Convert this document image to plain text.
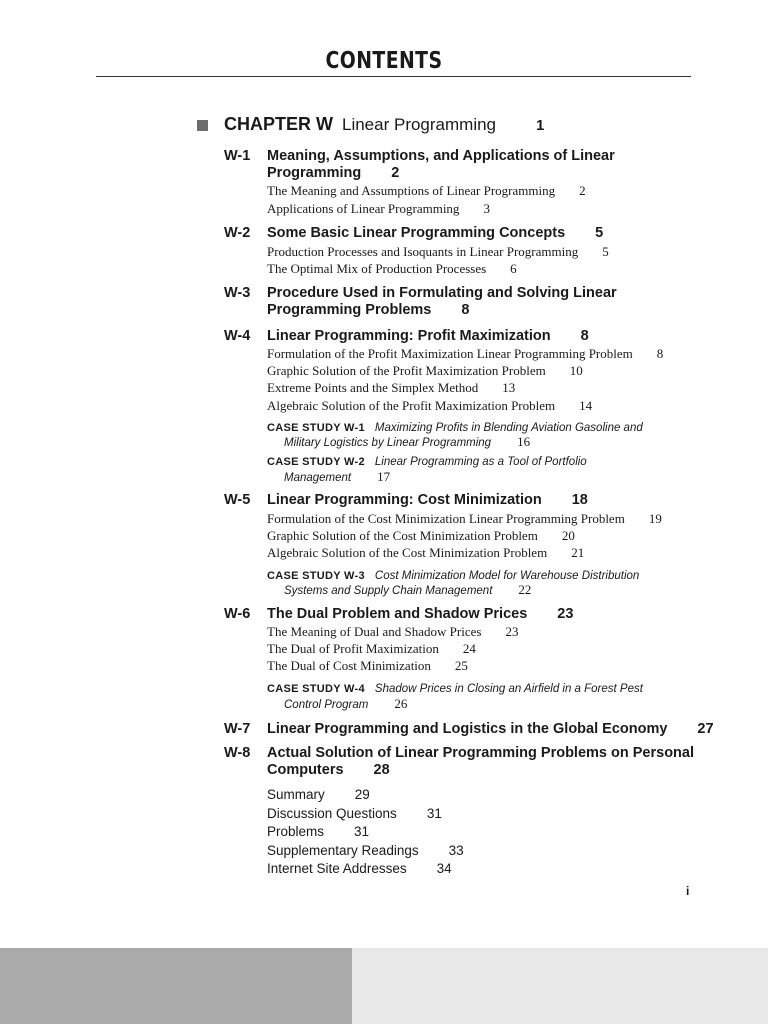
CONTENTS
CHAPTER W Linear Programming	1
W-1 Meaning, Assumptions, and Applications of Linear
Programming 2
The Meaning and Assumptions of Linear Programming 2
Applications of Linear Programming 3
W-2 Some Basic Linear Programming Concepts 5
Production Processes and Isoquants in Linear Programming 5
The Optimal Mix of Production Processes 6
W-3 Procedure Used in Formulating and Solving Linear
Programming Problems 8
W-4 Linear Programming: Profit Maximization 8
Formulation of the Profit Maximization Linear Programming Problem 8
Graphic Solution of the Profit Maximization Problem 10
Extreme Points and the Simplex Method 13
Algebraic Solution of the Profit Maximization Problem 14
CASE STUDY W-1 Maximizing Profits in Blending Aviation Gasoline and
Military Logistics by Linear Programming 16
CASE STUDY W-2 Linear Programming as a Tool of Portfolio
Management 17
W-5 Linear Programming: Cost Minimization 18
Formulation of the Cost Minimization Linear Programming Problem 19
Graphic Solution of the Cost Minimization Problem 20
Algebraic Solution of the Cost Minimization Problem 21
CASE STUDY W-3 Cost Minimization Model for Warehouse Distribution
Systems and Supply Chain Management 22
W-6 The Dual Problem and Shadow Prices 23
The Meaning of Dual and Shadow Prices 23
The Dual of Profit Maximization 24
The Dual of Cost Minimization 25
CASE STUDY W-4 Shadow Prices in Closing an Airfield in a Forest Pest
Control Program 26
W-7 Linear Programming and Logistics in the Global Economy 27
W-8 Actual Solution of Linear Programming Problems on Personal
Computers 28
Summary 29
Discussion Questions 31
Problems 31
Supplementary Readings 33
Internet Site Addresses 34
i
